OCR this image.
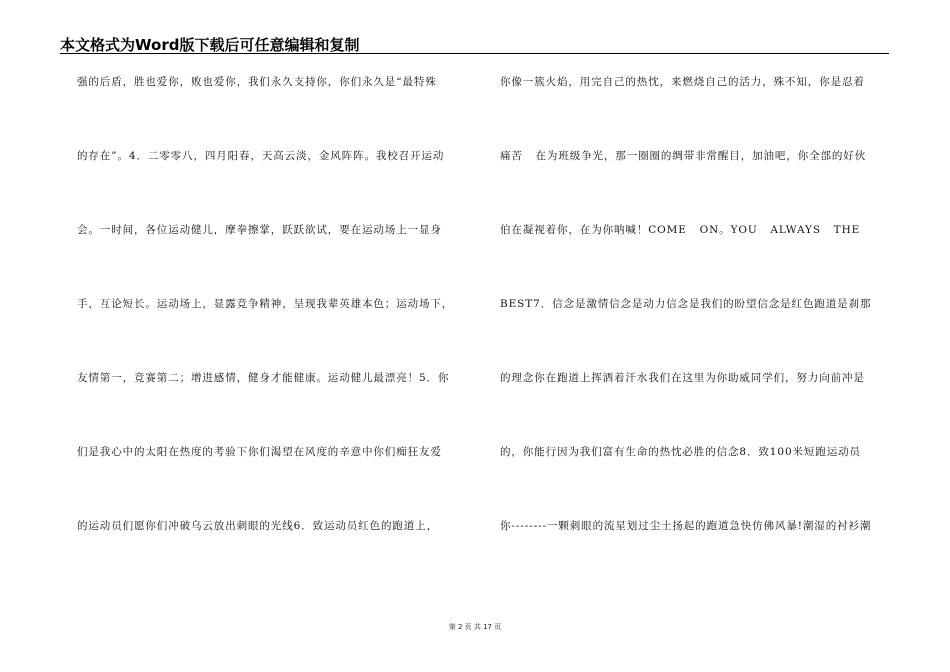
本文格式为Word版下载后可任意编辑和复制
强的后盾，胜也爱你，败也爱你，我们永久支持你，你们永久是“最特殊
的存在”。4．二零零八，四月阳春，天高云淡，金风阵阵。我校召开运动
会。一时间，各位运动健儿，摩拳擦掌，跃跃欲试，要在运动场上一显身
手，互论短长。运动场上，显露竞争精神，呈现我辈英雄本色；运动场下，
友情第一，竞赛第二；增进感情，健身才能健康。运动健儿最漂亮！5．你
们是我心中的太阳在热度的考验下你们渴望在风度的辛意中你们痴狂友爱
的运动员们愿你们冲破乌云放出刺眼的光线6．致运动员红色的跑道上，
你像一簇火焰，用完自己的热忱，来燃烧自己的活力，殊不知，你是忍着
痛苦   在为班级争光，那一圈圈的绸带非常醒目，加油吧，你全部的好伙
伯在凝视着你，在为你呐喊！COME   ON。YOU   ALWAYS   THE
BEST7．信念是激情信念是动力信念是我们的盼望信念是红色跑道是刹那
的理念你在跑道上挥洒着汗水我们在这里为你助威同学们，努力向前冲是
的，你能行因为我们富有生命的热忱必胜的信念8．致100米短跑运动员
你--------一颗刺眼的流星划过尘土扬起的跑道急快仿佛风暴!潮湿的衬衫潮
第 2 页 共 17 页
